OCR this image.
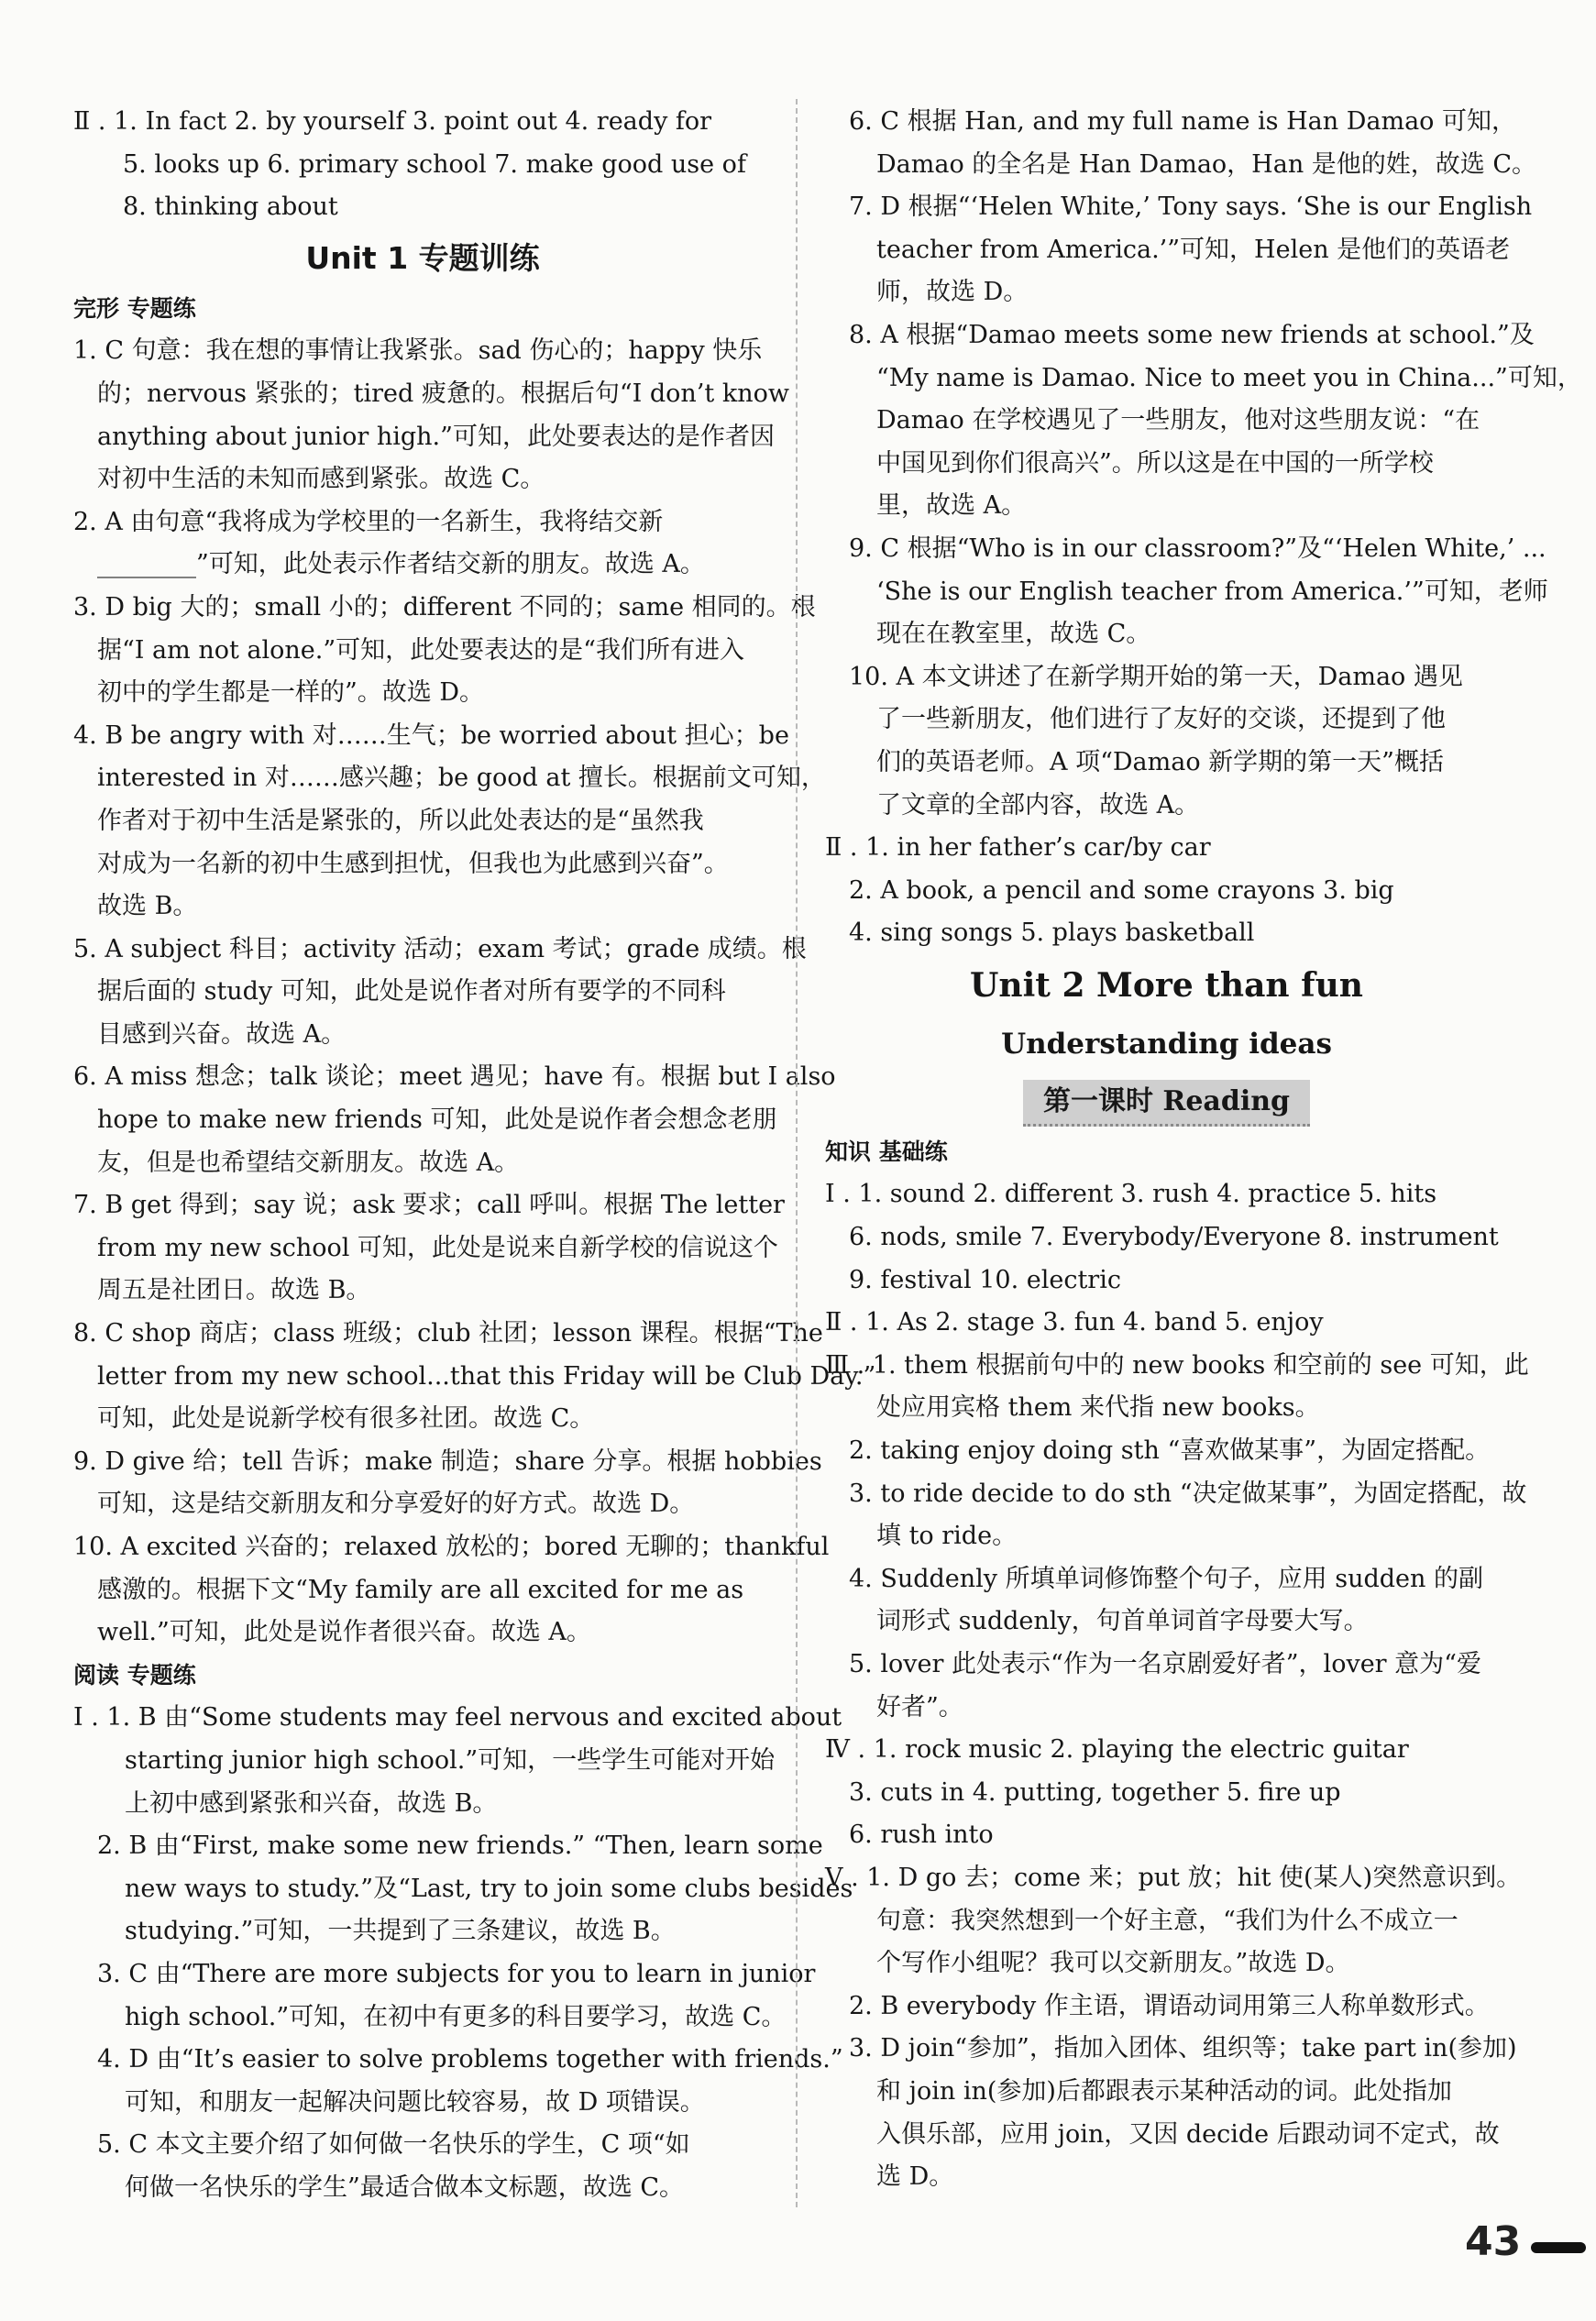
Ⅱ . 1. In fact 2. by yourself 3. point out 4. ready for
5. looks up 6. primary school 7. make good use of
8. thinking about
Unit 1 专题训练
完形 专题练
1. C 句意：我在想的事情让我紧张。sad 伤心的；happy 快乐
的；nervous 紧张的；tired 疲惫的。根据后句“I don’t know
anything about junior high.”可知，此处要表达的是作者因
对初中生活的未知而感到紧张。故选 C。
2. A 由句意“我将成为学校里的一名新生，我将结交新
________”可知，此处表示作者结交新的朋友。故选 A。
3. D big 大的；small 小的；different 不同的；same 相同的。根
据“I am not alone.”可知，此处要表达的是“我们所有进入
初中的学生都是一样的”。故选 D。
4. B be angry with 对……生气；be worried about 担心；be
interested in 对……感兴趣；be good at 擅长。根据前文可知，
作者对于初中生活是紧张的，所以此处表达的是“虽然我
对成为一名新的初中生感到担忧，但我也为此感到兴奋”。
故选 B。
5. A subject 科目；activity 活动；exam 考试；grade 成绩。根
据后面的 study 可知，此处是说作者对所有要学的不同科
目感到兴奋。故选 A。
6. A miss 想念；talk 谈论；meet 遇见；have 有。根据 but I also
hope to make new friends 可知，此处是说作者会想念老朋
友，但是也希望结交新朋友。故选 A。
7. B get 得到；say 说；ask 要求；call 呼叫。根据 The letter
from my new school 可知，此处是说来自新学校的信说这个
周五是社团日。故选 B。
8. C shop 商店；class 班级；club 社团；lesson 课程。根据“The
letter from my new school...that this Friday will be Club Day.”
可知，此处是说新学校有很多社团。故选 C。
9. D give 给；tell 告诉；make 制造；share 分享。根据 hobbies
可知，这是结交新朋友和分享爱好的好方式。故选 D。
10. A excited 兴奋的；relaxed 放松的；bored 无聊的；thankful
感激的。根据下文“My family are all excited for me as
well.”可知，此处是说作者很兴奋。故选 A。
阅读 专题练
Ⅰ . 1. B 由“Some students may feel nervous and excited about
starting junior high school.”可知，一些学生可能对开始
上初中感到紧张和兴奋，故选 B。
2. B 由“First, make some new friends.” “Then, learn some
new ways to study.”及“Last, try to join some clubs besides
studying.”可知，一共提到了三条建议，故选 B。
3. C 由“There are more subjects for you to learn in junior
high school.”可知，在初中有更多的科目要学习，故选 C。
4. D 由“It’s easier to solve problems together with friends.”
可知，和朋友一起解决问题比较容易，故 D 项错误。
5. C 本文主要介绍了如何做一名快乐的学生，C 项“如
何做一名快乐的学生”最适合做本文标题，故选 C。
6. C 根据 Han, and my full name is Han Damao 可知，
Damao 的全名是 Han Damao，Han 是他的姓，故选 C。
7. D 根据“‘Helen White,’ Tony says. ‘She is our English
teacher from America.’”可知，Helen 是他们的英语老
师，故选 D。
8. A 根据“Damao meets some new friends at school.”及
“My name is Damao. Nice to meet you in China...”可知，
Damao 在学校遇见了一些朋友，他对这些朋友说：“在
中国见到你们很高兴”。所以这是在中国的一所学校
里，故选 A。
9. C 根据“Who is in our classroom?”及“‘Helen White,’ ...
‘She is our English teacher from America.’”可知，老师
现在在教室里，故选 C。
10. A 本文讲述了在新学期开始的第一天，Damao 遇见
了一些新朋友，他们进行了友好的交谈，还提到了他
们的英语老师。A 项“Damao 新学期的第一天”概括
了文章的全部内容，故选 A。
Ⅱ . 1. in her father’s car/by car
2. A book, a pencil and some crayons 3. big
4. sing songs 5. plays basketball
Unit 2 More than fun
Understanding ideas
第一课时 Reading
知识 基础练
Ⅰ . 1. sound 2. different 3. rush 4. practice 5. hits
6. nods, smile 7. Everybody/Everyone 8. instrument
9. festival 10. electric
Ⅱ . 1. As 2. stage 3. fun 4. band 5. enjoy
Ⅲ . 1. them 根据前句中的 new books 和空前的 see 可知，此
处应用宾格 them 来代指 new books。
2. taking enjoy doing sth “喜欢做某事”，为固定搭配。
3. to ride decide to do sth “决定做某事”，为固定搭配，故
填 to ride。
4. Suddenly 所填单词修饰整个句子，应用 sudden 的副
词形式 suddenly，句首单词首字母要大写。
5. lover 此处表示“作为一名京剧爱好者”，lover 意为“爱
好者”。
Ⅳ . 1. rock music 2. playing the electric guitar
3. cuts in 4. putting, together 5. fire up
6. rush into
Ⅴ . 1. D go 去；come 来；put 放；hit 使(某人)突然意识到。
句意：我突然想到一个好主意，“我们为什么不成立一
个写作小组呢？我可以交新朋友。”故选 D。
2. B everybody 作主语，谓语动词用第三人称单数形式。
3. D join“参加”，指加入团体、组织等；take part in(参加)
和 join in(参加)后都跟表示某种活动的词。此处指加
入俱乐部，应用 join，又因 decide 后跟动词不定式，故
选 D。
43
